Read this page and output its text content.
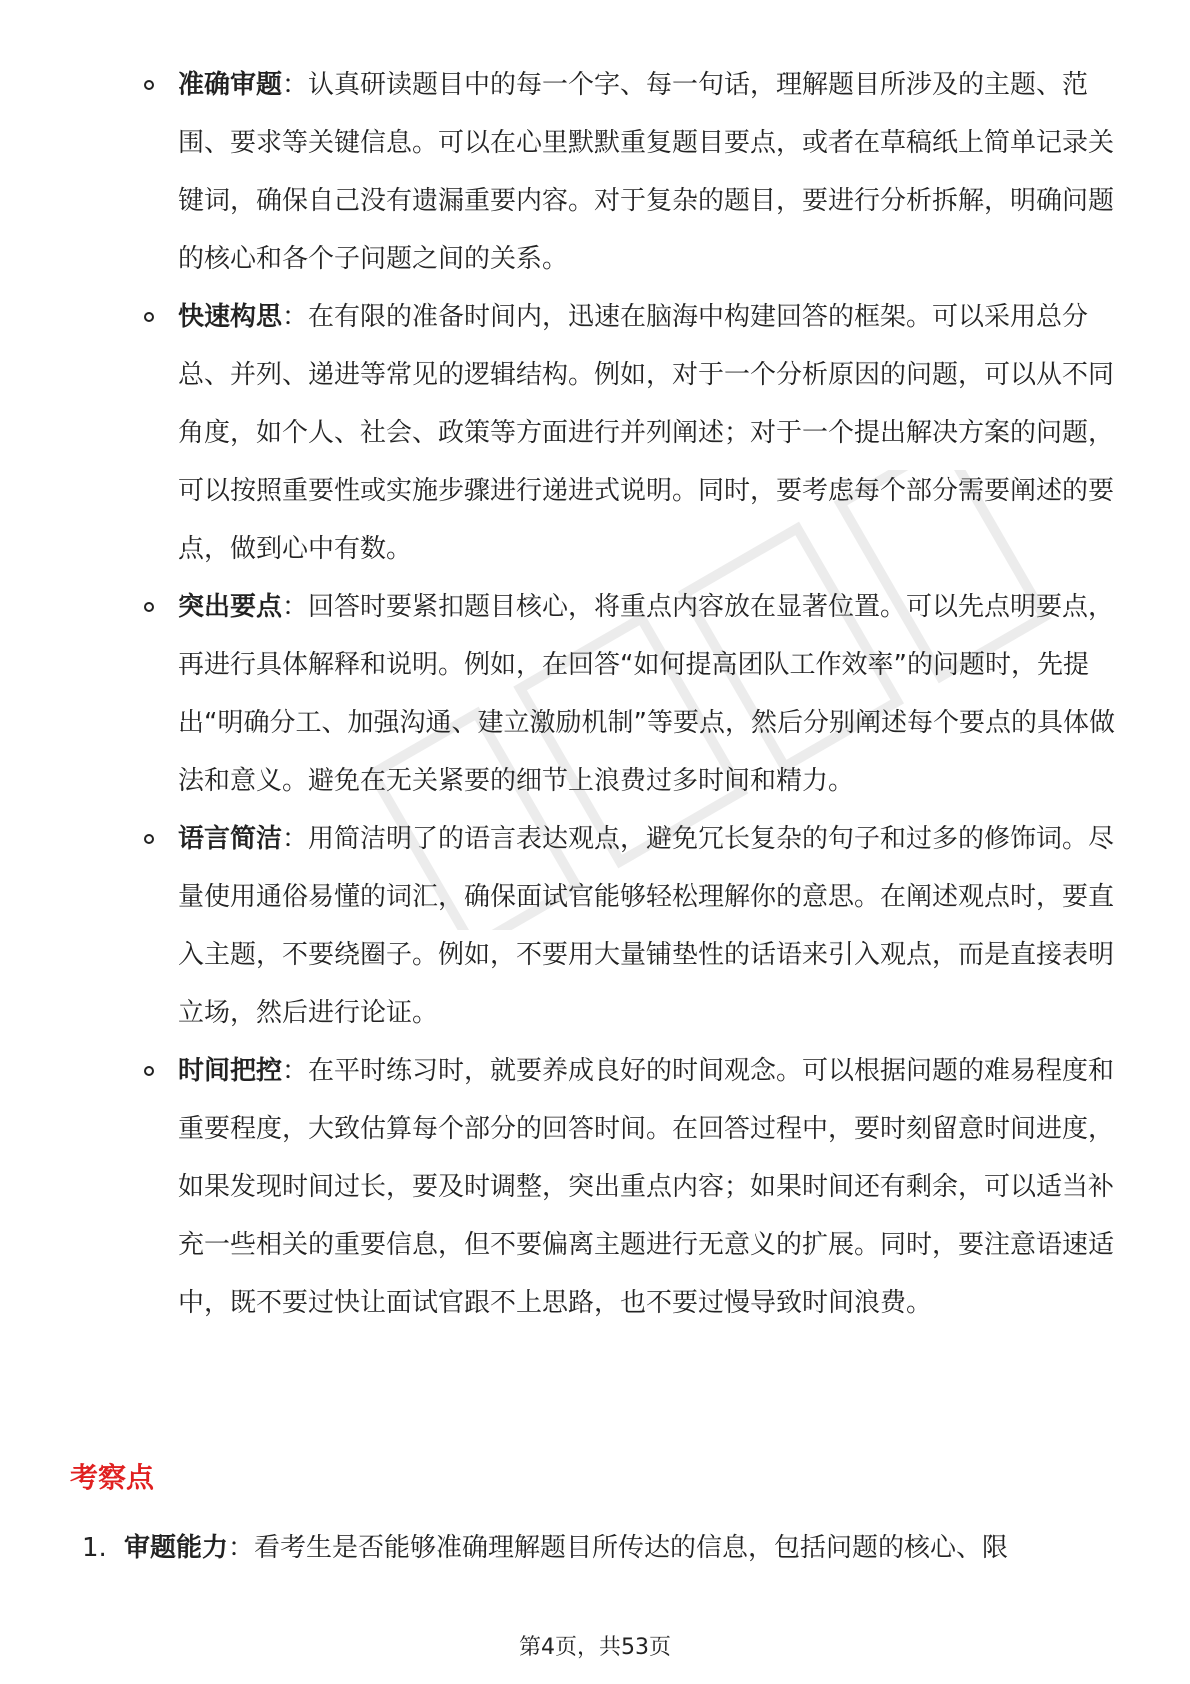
准确审题：认真研读题目中的每一个字、每一句话，理解题目所涉及的主题、范围、要求等关键信息。可以在心里默默重复题目要点，或者在草稿纸上简单记录关键词，确保自己没有遗漏重要内容。对于复杂的题目，要进行分析拆解，明确问题的核心和各个子问题之间的关系。
快速构思：在有限的准备时间内，迅速在脑海中构建回答的框架。可以采用总分总、并列、递进等常见的逻辑结构。例如，对于一个分析原因的问题，可以从不同角度，如个人、社会、政策等方面进行并列阐述；对于一个提出解决方案的问题，可以按照重要性或实施步骤进行递进式说明。同时，要考虑每个部分需要阐述的要点，做到心中有数。
突出要点：回答时要紧扣题目核心，将重点内容放在显著位置。可以先点明要点，再进行具体解释和说明。例如，在回答“如何提高团队工作效率”的问题时，先提出“明确分工、加强沟通、建立激励机制”等要点，然后分别阐述每个要点的具体做法和意义。避免在无关紧要的细节上浪费过多时间和精力。
语言简洁：用简洁明了的语言表达观点，避免冗长复杂的句子和过多的修饰词。尽量使用通俗易懂的词汇，确保面试官能够轻松理解你的意思。在阐述观点时，要直入主题，不要绕圈子。例如，不要用大量铺垫性的话语来引入观点，而是直接表明立场，然后进行论证。
时间把控：在平时练习时，就要养成良好的时间观念。可以根据问题的难易程度和重要程度，大致估算每个部分的回答时间。在回答过程中，要时刻留意时间进度，如果发现时间过长，要及时调整，突出重点内容；如果时间还有剩余，可以适当补充一些相关的重要信息，但不要偏离主题进行无意义的扩展。同时，要注意语速适中，既不要过快让面试官跟不上思路，也不要过慢导致时间浪费。
考察点
1. 审题能力：看考生是否能够准确理解题目所传达的信息，包括问题的核心、限
第4页，共53页
